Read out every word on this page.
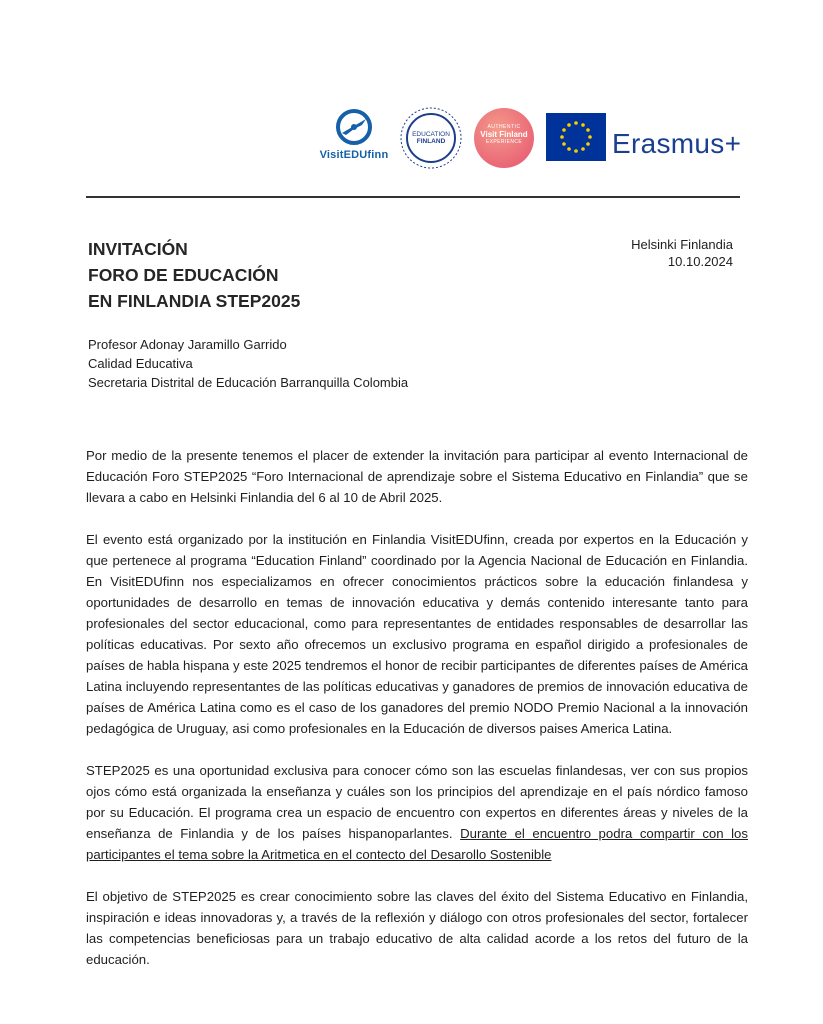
VisitEDUfinn
EDUCATION
FINLAND
AUTHENTIC
Visit Finland
EXPERIENCE	Erasmus+
INVITACIÓN
FORO DE EDUCACIÓN
EN FINLANDIA STEP2025
Helsinki Finlandia
10.10.2024
Profesor Adonay Jaramillo Garrido
Calidad Educativa
Secretaria Distrital de Educación Barranquilla Colombia

Por medio de la presente tenemos el placer de extender la invitación para participar al evento Internacional de Educación Foro STEP2025 “Foro Internacional de aprendizaje sobre el Sistema Educativo en Finlandia” que se llevara a cabo en Helsinki Finlandia del 6 al 10 de Abril 2025.

El evento está organizado por la institución en Finlandia VisitEDUfinn, creada por expertos en la Educación y que pertenece al programa “Education Finland” coordinado por la Agencia Nacional de Educación en Finlandia. En VisitEDUfinn nos especializamos en ofrecer conocimientos prácticos sobre la educación finlandesa y oportunidades de desarrollo en temas de innovación educativa y demás contenido interesante tanto para profesionales del sector educacional, como para representantes de entidades responsables de desarrollar las políticas educativas. Por sexto año ofrecemos un exclusivo programa en español dirigido a profesionales de países de habla hispana y este 2025 tendremos el honor de recibir participantes de diferentes países de América Latina incluyendo representantes de las políticas educativas y ganadores de premios de innovación educativa de países de América Latina como es el caso de los ganadores del premio NODO Premio Nacional a la innovación pedagógica de Uruguay, asi como profesionales en la Educación de diversos paises America Latina.

STEP2025 es una oportunidad exclusiva para conocer cómo son las escuelas finlandesas, ver con sus propios ojos cómo está organizada la enseñanza y cuáles son los principios del aprendizaje en el país nórdico famoso por su Educación. El programa crea un espacio de encuentro con expertos en diferentes áreas y niveles de la enseñanza de Finlandia y de los países hispanoparlantes. Durante el encuentro podra compartir con los participantes el tema sobre la Aritmetica en el contecto del Desarollo Sostenible

El objetivo de STEP2025 es crear conocimiento sobre las claves del éxito del Sistema Educativo en Finlandia, inspiración e ideas innovadoras y, a través de la reflexión y diálogo con otros profesionales del sector, fortalecer las competencias beneficiosas para un trabajo educativo de alta calidad acorde a los retos del futuro de la educación.
